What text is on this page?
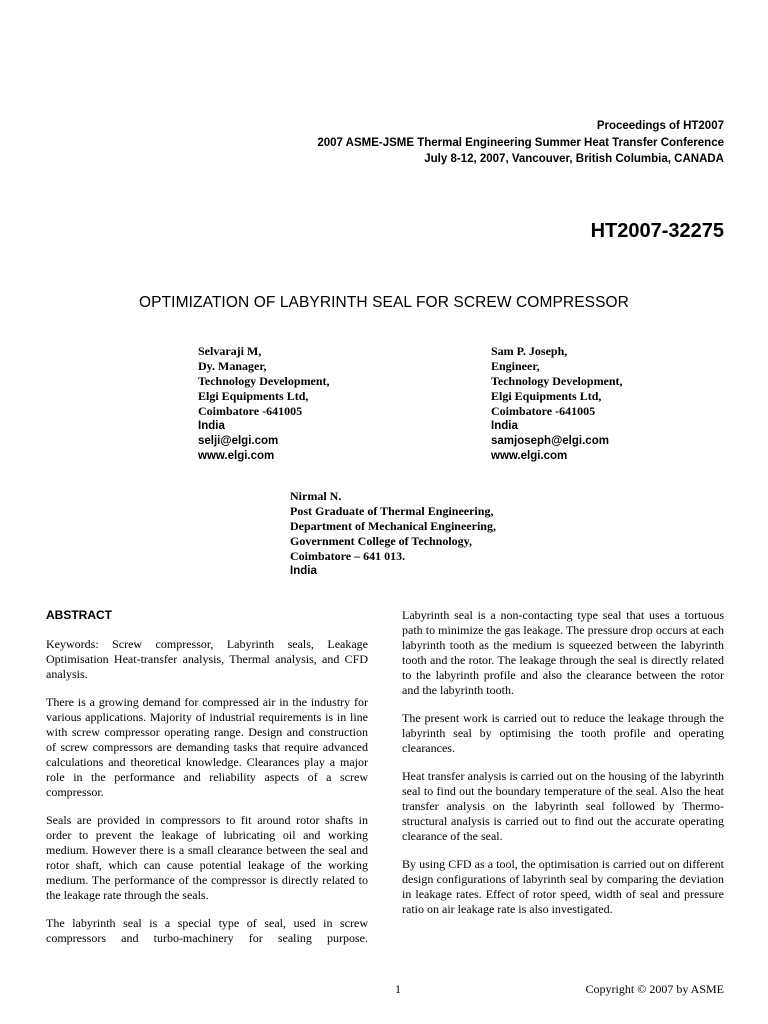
Proceedings of HT2007
2007 ASME-JSME Thermal Engineering Summer Heat Transfer Conference
July 8-12, 2007, Vancouver, British Columbia, CANADA
HT2007-32275
OPTIMIZATION OF LABYRINTH SEAL FOR SCREW COMPRESSOR
Selvaraji M,
Dy. Manager,
Technology Development,
Elgi Equipments Ltd,
Coimbatore -641005
India
selji@elgi.com
www.elgi.com
Sam P. Joseph,
Engineer,
Technology Development,
Elgi Equipments Ltd,
Coimbatore -641005
India
samjoseph@elgi.com
www.elgi.com
Nirmal N.
Post Graduate of Thermal Engineering,
Department of Mechanical Engineering,
Government College of Technology,
Coimbatore – 641 013.
India
ABSTRACT

Keywords: Screw compressor, Labyrinth seals, Leakage Optimisation Heat-transfer analysis, Thermal analysis, and CFD analysis.

There is a growing demand for compressed air in the industry for various applications. Majority of industrial requirements is in line with screw compressor operating range. Design and construction of screw compressors are demanding tasks that require advanced calculations and theoretical knowledge. Clearances play a major role in the performance and reliability aspects of a screw compressor.

Seals are provided in compressors to fit around rotor shafts in order to prevent the leakage of lubricating oil and working medium. However there is a small clearance between the seal and rotor shaft, which can cause potential leakage of the working medium. The performance of the compressor is directly related to the leakage rate through the seals.

The labyrinth seal is a special type of seal, used in screw compressors and turbo-machinery for sealing purpose.

Labyrinth seal is a non-contacting type seal that uses a tortuous path to minimize the gas leakage. The pressure drop occurs at each labyrinth tooth as the medium is squeezed between the labyrinth tooth and the rotor. The leakage through the seal is directly related to the labyrinth profile and also the clearance between the rotor and the labyrinth tooth.

The present work is carried out to reduce the leakage through the labyrinth seal by optimising the tooth profile and operating clearances.

Heat transfer analysis is carried out on the housing of the labyrinth seal to find out the boundary temperature of the seal. Also the heat transfer analysis on the labyrinth seal followed by Thermo-structural analysis is carried out to find out the accurate operating clearance of the seal.

By using CFD as a tool, the optimisation is carried out on different design configurations of labyrinth seal by comparing the deviation in leakage rates. Effect of rotor speed, width of seal and pressure ratio on air leakage rate is also investigated.

1	Copyright © 2007 by ASME
